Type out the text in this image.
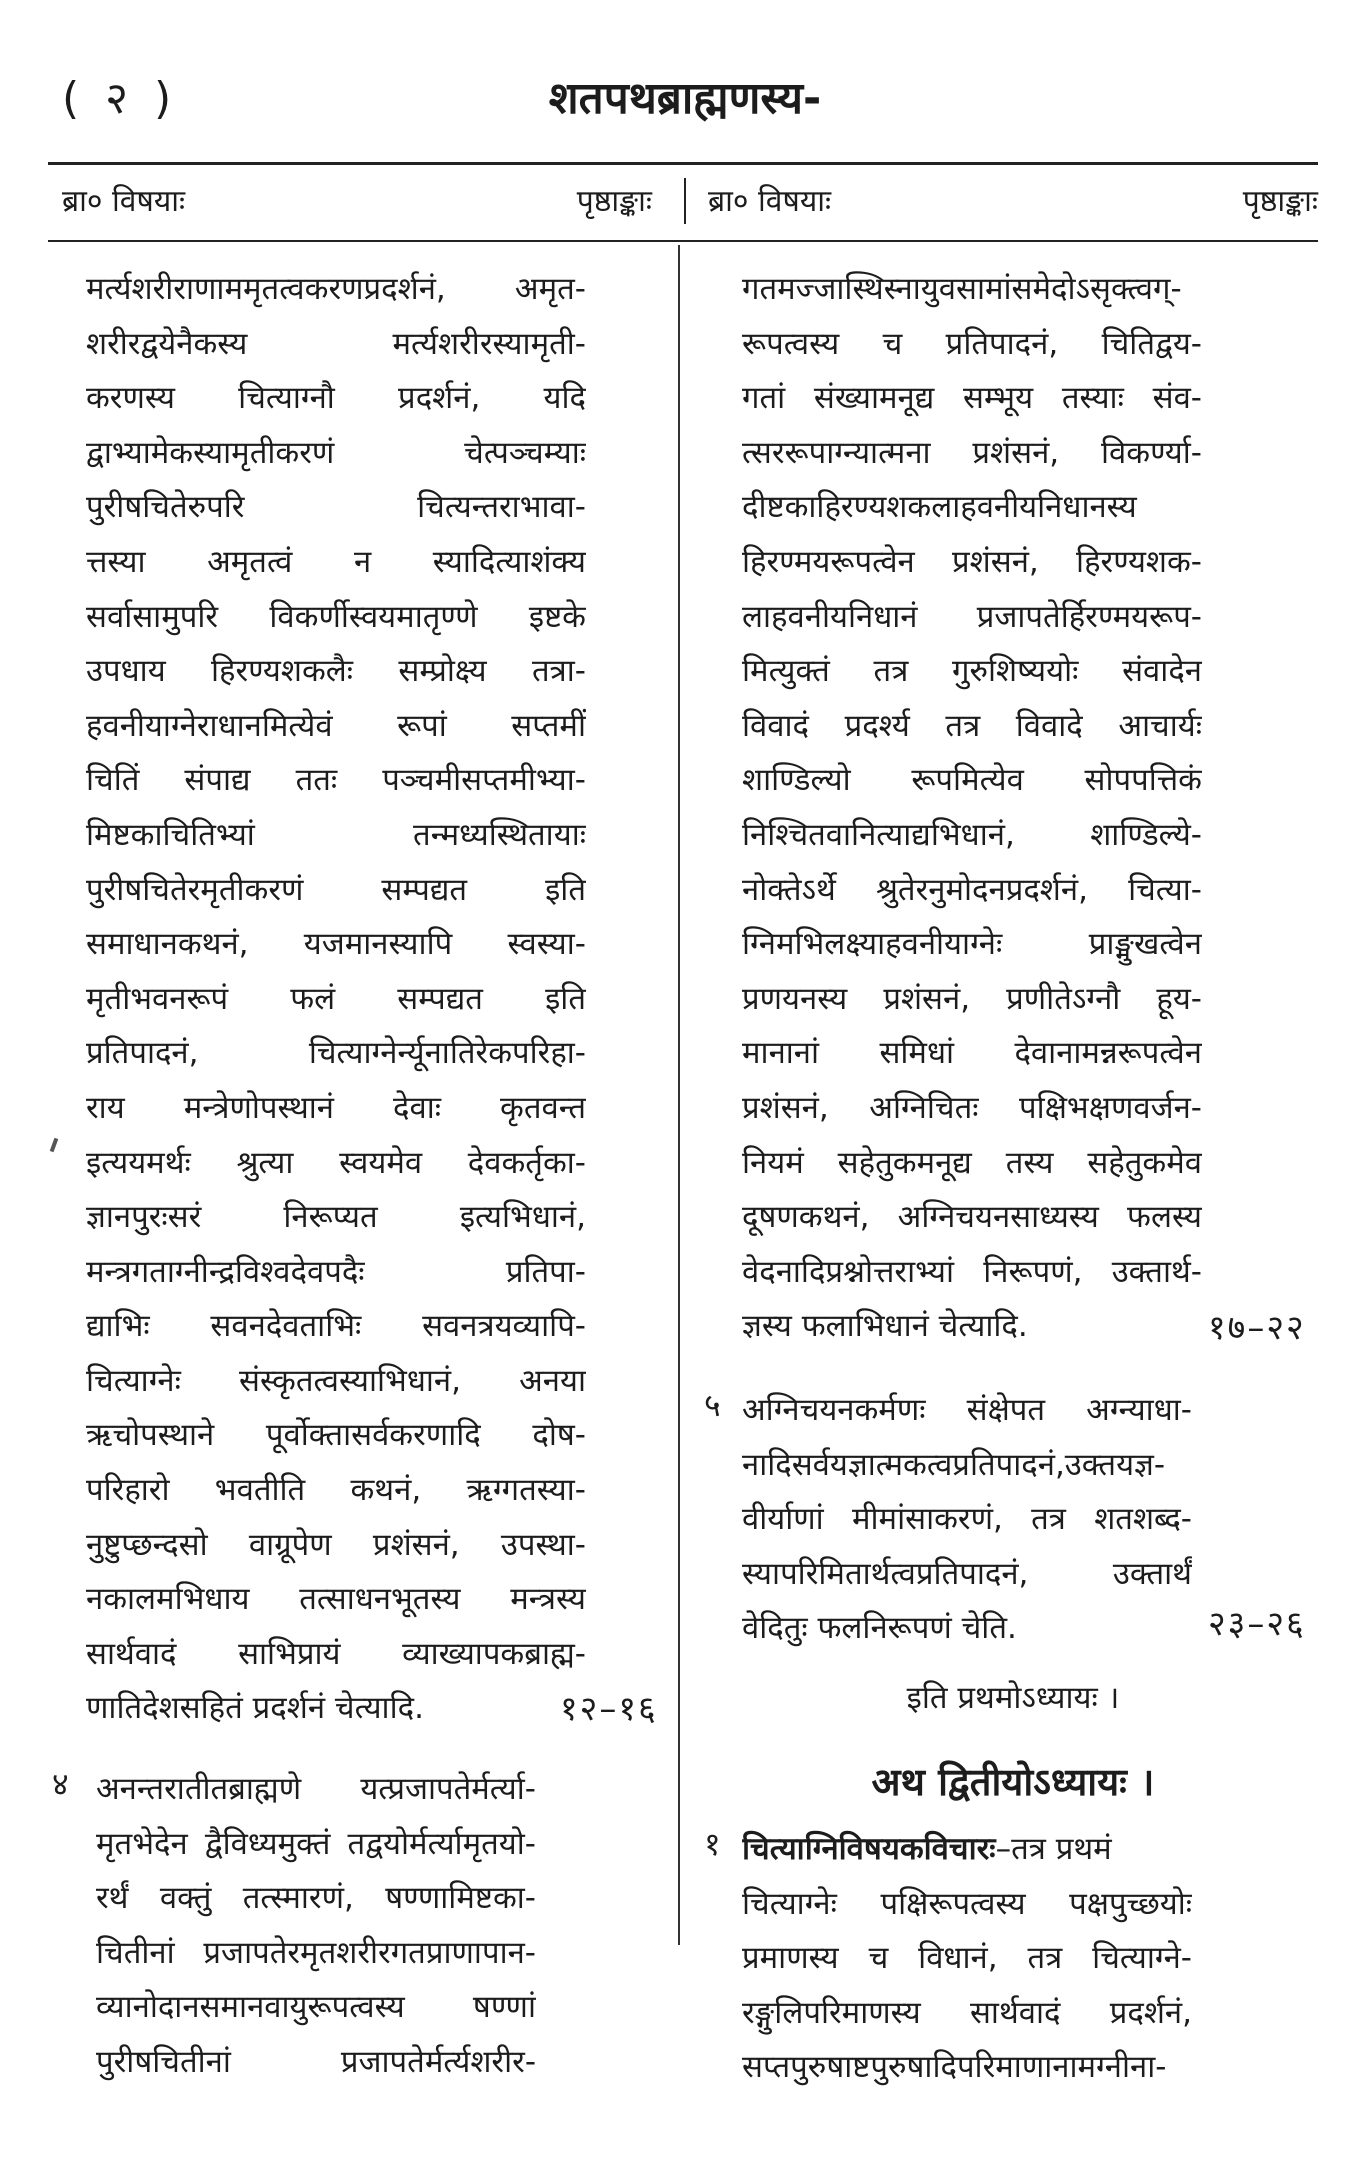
( २ )	शतपथब्राह्मणस्य-
ब्रा० विषयाः	पृष्ठाङ्काः ब्रा० विषयाः	पृष्ठाङ्काः
मर्त्यशरीराणाममृतत्वकरणप्रदर्शनं, अमृत-
शरीरद्वयेनैकस्य मर्त्यशरीरस्यामृती-
करणस्य चित्याग्नौ प्रदर्शनं, यदि
द्वाभ्यामेकस्यामृतीकरणं चेत्पञ्चम्याः
पुरीषचितेरुपरि चित्यन्तराभावा-
त्तस्या अमृतत्वं न स्यादित्याशंक्य
सर्वासामुपरि विकर्णीस्वयमातृण्णे इष्टके
उपधाय हिरण्यशकलैः सम्प्रोक्ष्य तत्रा-
हवनीयाग्नेराधानमित्येवं रूपां सप्तमीं
चितिं संपाद्य ततः पञ्चमीसप्तमीभ्या-
मिष्टकाचितिभ्यां तन्मध्यस्थितायाः
पुरीषचितेरमृतीकरणं सम्पद्यत इति
समाधानकथनं, यजमानस्यापि स्वस्या-
मृतीभवनरूपं फलं सम्पद्यत इति
प्रतिपादनं, चित्याग्नेर्न्यूनातिरेकपरिहा-
राय मन्त्रेणोपस्थानं देवाः कृतवन्त
इत्ययमर्थः श्रुत्या स्वयमेव देवकर्तृका-
ज्ञानपुरःसरं निरूप्यत इत्यभिधानं,
मन्त्रगताग्नीन्द्रविश्वदेवपदैः प्रतिपा-
द्याभिः सवनदेवताभिः सवनत्रयव्यापि-
चित्याग्नेः संस्कृतत्वस्याभिधानं, अनया
ऋचोपस्थाने पूर्वोक्तासर्वकरणादि दोष-
परिहारो भवतीति कथनं, ऋग्गतस्या-
नुष्टुप्छन्दसो वाग्रूपेण प्रशंसनं, उपस्था-
नकालमभिधाय तत्साधनभूतस्य मन्त्रस्य
सार्थवादं साभिप्रायं व्याख्यापकब्राह्म-
णातिदेशसहितं प्रदर्शनं चेत्यादि.	१२–१६
४ अनन्तरातीतब्राह्मणे यत्प्रजापतेर्मर्त्या-
मृतभेदेन द्वैविध्यमुक्तं तद्वयोर्मर्त्यामृतयो-
रर्थं वक्तुं तत्स्मारणं, षण्णामिष्टका-
चितीनां प्रजापतेरमृतशरीरगतप्राणापान-
व्यानोदानसमानवायुरूपत्वस्य षण्णां
पुरीषचितीनां प्रजापतेर्मर्त्यशरीर-
गतमज्जास्थिस्नायुवसामांसमेदोऽसृक्त्वग्-
रूपत्वस्य च प्रतिपादनं, चितिद्वय-
गतां संख्यामनूद्य सम्भूय तस्याः संव-
त्सररूपाग्न्यात्मना प्रशंसनं, विकर्ण्या-
दीष्टकाहिरण्यशकलाहवनीयनिधानस्य
हिरण्मयरूपत्वेन प्रशंसनं, हिरण्यशक-
लाहवनीयनिधानं प्रजापतेर्हिरण्मयरूप-
मित्युक्तं तत्र गुरुशिष्ययोः संवादेन
विवादं प्रदर्श्य तत्र विवादे आचार्यः
शाण्डिल्यो रूपमित्येव सोपपत्तिकं
निश्चितवानित्याद्यभिधानं, शाण्डिल्ये-
नोक्तेऽर्थे श्रुतेरनुमोदनप्रदर्शनं, चित्या-
ग्निमभिलक्ष्याहवनीयाग्नेः प्राङ्मुखत्वेन
प्रणयनस्य प्रशंसनं, प्रणीतेऽग्नौ हूय-
मानानां समिधां देवानामन्नरूपत्वेन
प्रशंसनं, अग्निचितः पक्षिभक्षणवर्जन-
नियमं सहेतुकमनूद्य तस्य सहेतुकमेव
दूषणकथनं, अग्निचयनसाध्यस्य फलस्य
वेदनादिप्रश्नोत्तराभ्यां निरूपणं, उक्तार्थ-
ज्ञस्य फलाभिधानं चेत्यादि.	१७–२२
५ अग्निचयनकर्मणः संक्षेपत अग्न्याधा-
नादिसर्वयज्ञात्मकत्वप्रतिपादनं,उक्तयज्ञ-
वीर्याणां मीमांसाकरणं, तत्र शतशब्द-
स्यापरिमितार्थत्वप्रतिपादनं, उक्तार्थं
वेदितुः फलनिरूपणं चेति.	२३–२६
इति प्रथमोऽध्यायः ।
अथ द्वितीयोऽध्यायः ।
१ चित्याग्निविषयकविचारः–तत्र प्रथमं
चित्याग्नेः पक्षिरूपत्वस्य पक्षपुच्छयोः
प्रमाणस्य च विधानं, तत्र चित्याग्ने-
रङ्गुलिपरिमाणस्य सार्थवादं प्रदर्शनं,
सप्तपुरुषाष्टपुरुषादिपरिमाणानामग्नीना-
